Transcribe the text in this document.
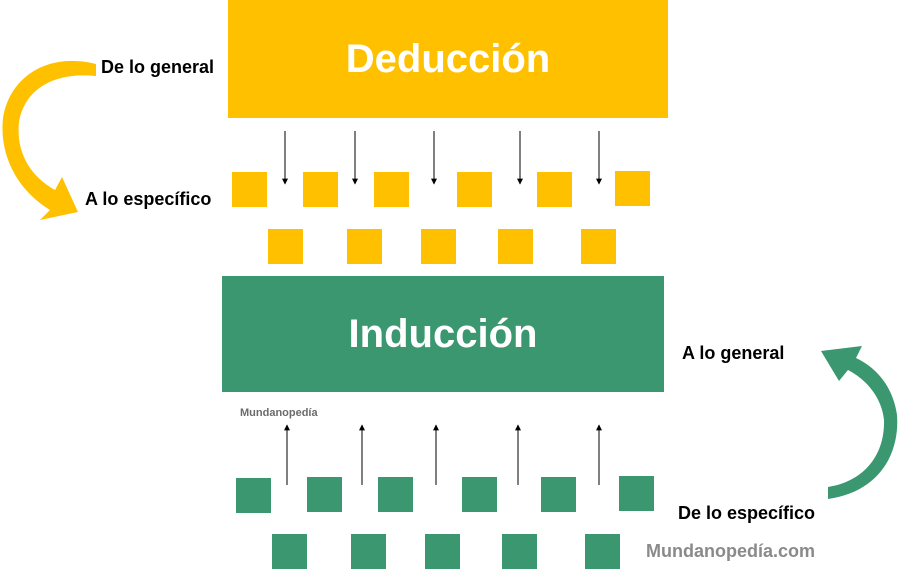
Deducción
Inducción
De lo general
A lo específico
A lo general
De lo específico
Mundanopedía
Mundanopedía.com
